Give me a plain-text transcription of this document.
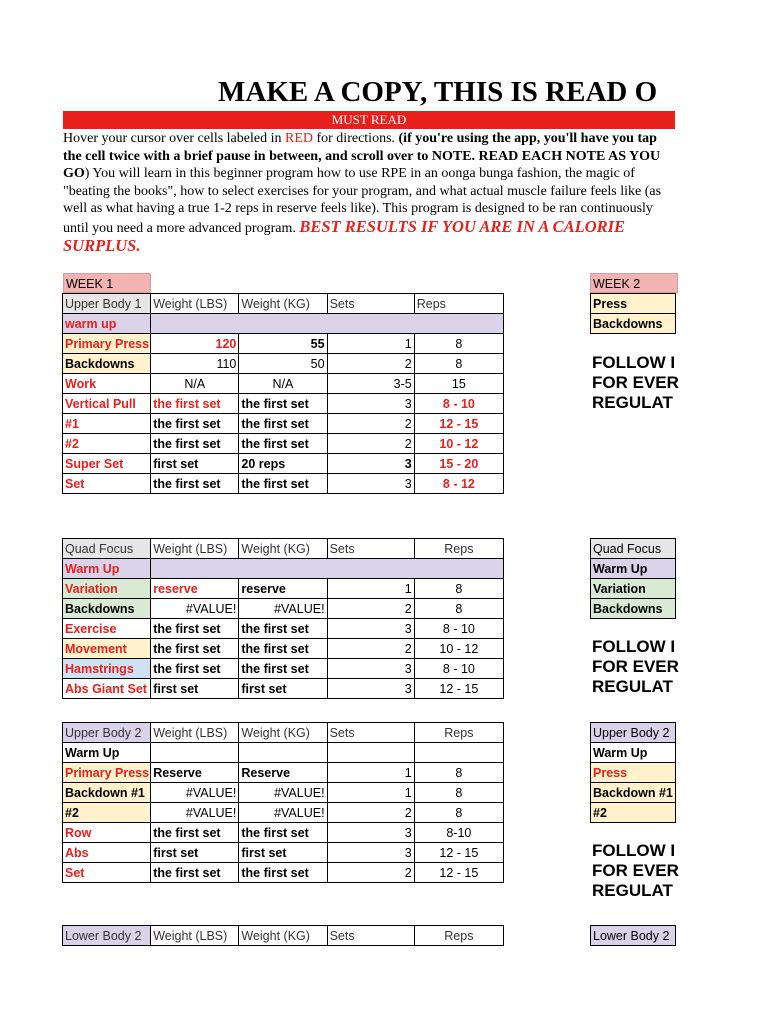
MAKE A COPY, THIS IS READ O
MUST READ
Hover your cursor over cells labeled in RED for directions. (if you're using the app, you'll have you tap the cell twice with a brief pause in between, and scroll over to NOTE. READ EACH NOTE AS YOU GO) You will learn in this beginner program how to use RPE in an oonga bunga fashion, the magic of "beating the books", how to select exercises for your program, and what actual muscle failure feels like (as well as what having a true 1-2 reps in reserve feels like). This program is designed to be ran continuously until you need a more advanced program. BEST RESULTS IF YOU ARE IN A CALORIE SURPLUS.
WEEK 1	WEEK 2
Upper Body 1	Weight (LBS)	Weight (KG)	Sets	Reps
warm up				
Primary Press	120	55	1	8
Backdowns	110	50	2	8
Work	N/A	N/A	3-5	15
Vertical Pull	the first set	the first set	3	8 - 10
#1	the first set	the first set	2	12 - 15
#2	the first set	the first set	2	10 - 12
Super Set	first set	20 reps	3	15 - 20
Set	the first set	the first set	3	8 - 12
Quad Focus	Weight (LBS)	Weight (KG)	Sets	Reps
Warm Up				
Variation	reserve	reserve	1	8
Backdowns	#VALUE!	#VALUE!	2	8
Exercise	the first set	the first set	3	8 - 10
Movement	the first set	the first set	2	10 - 12
Hamstrings	the first set	the first set	3	8 - 10
Abs Giant Set	first set	first set	3	12 - 15
Upper Body 2	Weight (LBS)	Weight (KG)	Sets	Reps
Warm Up				
Primary Press	Reserve	Reserve	1	8
Backdown #1	#VALUE!	#VALUE!	1	8
#2	#VALUE!	#VALUE!	2	8
Row	the first set	the first set	3	8-10
Abs	first set	first set	3	12 - 15
Set	the first set	the first set	2	12 - 15
Lower Body 2	Weight (LBS)	Weight (KG)	Sets	Reps
Press
Backdowns
FOLLOW I
FOR EVER
REGULAT
Quad Focus
Warm Up
Variation
Backdowns
FOLLOW I
FOR EVER
REGULAT
Upper Body 2
Warm Up
Press
Backdown #1
#2
FOLLOW I
FOR EVER
REGULAT
Lower Body 2
